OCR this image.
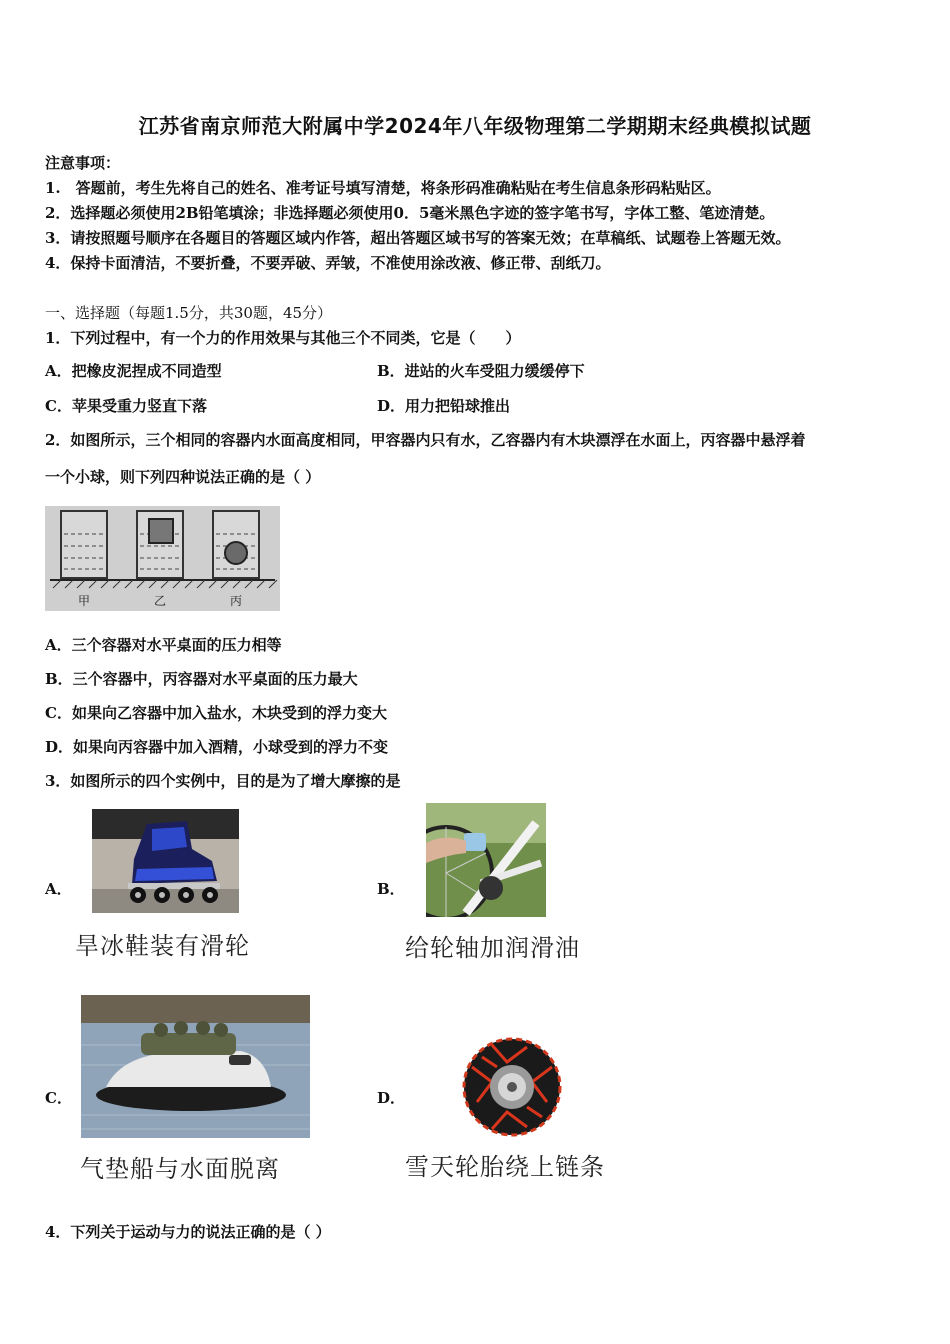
江苏省南京师范大附属中学2024年八年级物理第二学期期末经典模拟试题
注意事项：
1.　答题前，考生先将自己的姓名、准考证号填写清楚，将条形码准确粘贴在考生信息条形码粘贴区。
2．选择题必须使用2B铅笔填涂；非选择题必须使用0．5毫米黑色字迹的签字笔书写，字体工整、笔迹清楚。
3．请按照题号顺序在各题目的答题区域内作答，超出答题区域书写的答案无效；在草稿纸、试题卷上答题无效。
4．保持卡面清洁，不要折叠，不要弄破、弄皱，不准使用涂改液、修正带、刮纸刀。
一、选择题（每题1.5分，共30题，45分）
1．下列过程中，有一个力的作用效果与其他三个不同类，它是（　　）
A．把橡皮泥捏成不同造型	B．进站的火车受阻力缓缓停下
C．苹果受重力竖直下落	D．用力把铅球推出
2．如图所示，三个相同的容器内水面高度相同，甲容器内只有水，乙容器内有木块漂浮在水面上，丙容器中悬浮着
一个小球，则下列四种说法正确的是（ ）
甲	乙	丙
A．三个容器对水平桌面的压力相等
B．三个容器中，丙容器对水平桌面的压力最大
C．如果向乙容器中加入盐水，木块受到的浮力变大
D．如果向丙容器中加入酒精，小球受到的浮力不变
3．如图所示的四个实例中，目的是为了增大摩擦的是
A．
旱冰鞋装有滑轮
B．
给轮轴加润滑油
C．
气垫船与水面脱离
D．
雪天轮胎绕上链条
4．下列关于运动与力的说法正确的是（ ）
